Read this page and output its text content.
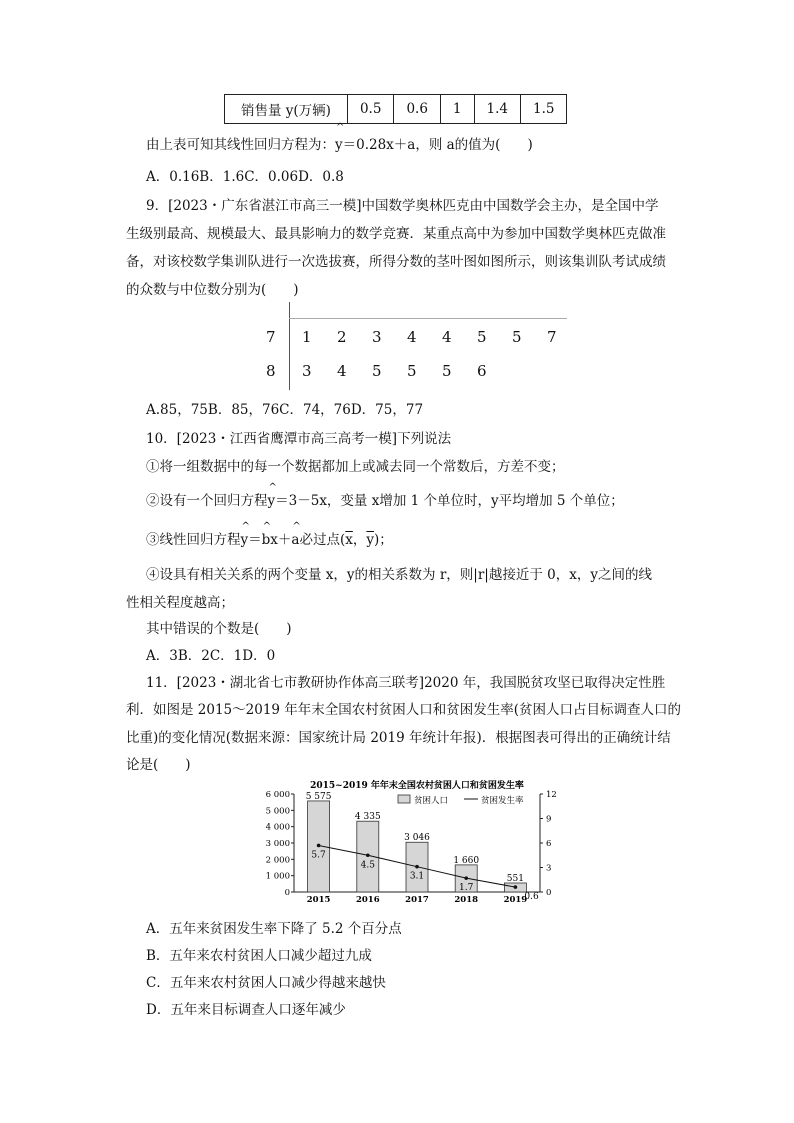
销售量 y(万辆)	0.5	0.6	1	1.4	1.5
由上表可知其线性回归方程为：^ y＝0.28x＋a，则 a的值为(　　)
A．0.16B．1.6C．0.06D．0.8
9．[2023・广东省湛江市高三一模]中国数学奥林匹克由中国数学会主办，是全国中学
生级别最高、规模最大、最具影响力的数学竞赛．某重点高中为参加中国数学奥林匹克做准
备，对该校数学集训队进行一次选拔赛，所得分数的茎叶图如图所示，则该集训队考试成绩
的众数与中位数分别为(　　)
7 1 2 3 4 4 5 5 7
8 3 4 5 5 5 6
A.85，75B．85，76C．74，76D．75，77
10．[2023・江西省鹰潭市高三高考一模]下列说法
①将一组数据中的每一个数据都加上或减去同一个常数后，方差不变；
②设有一个回归方程^ y＝3－5x，变量 x增加 1 个单位时，y平均增加 5 个单位；
③线性回归方程^ y＝^ bx＋^ a必过点($\overline{x}$，$\overline{y}$)；
④设具有相关关系的两个变量 x，y的相关系数为 r，则|r|越接近于 0，x，y之间的线
性相关程度越高；
其中错误的个数是(　　)
A．3B．2C．1D．0
11．[2023・湖北省七市教研协作体高三联考]2020 年，我国脱贫攻坚已取得决定性胜
利．如图是 2015～2019 年年末全国农村贫困人口和贫困发生率(贫困人口占目标调查人口的
比重)的变化情况(数据来源：国家统计局 2019 年统计年报)．根据图表可得出的正确统计结
论是(　　)
2015~2019 年年末全国农村贫困人口和贫困发生率
0
1 000
2 000
3 000
4 000
5 000
6 000
0
3
6
9
12
5 575
4 335
3 046
1 660
551
2015	2016	2017	2018	2019
5.7
4.5
3.1
1.7
0.6
贫困人口	贫困发生率
A．五年来贫困发生率下降了 5.2 个百分点
B．五年来农村贫困人口减少超过九成
C．五年来农村贫困人口减少得越来越快
D．五年来目标调查人口逐年减少
